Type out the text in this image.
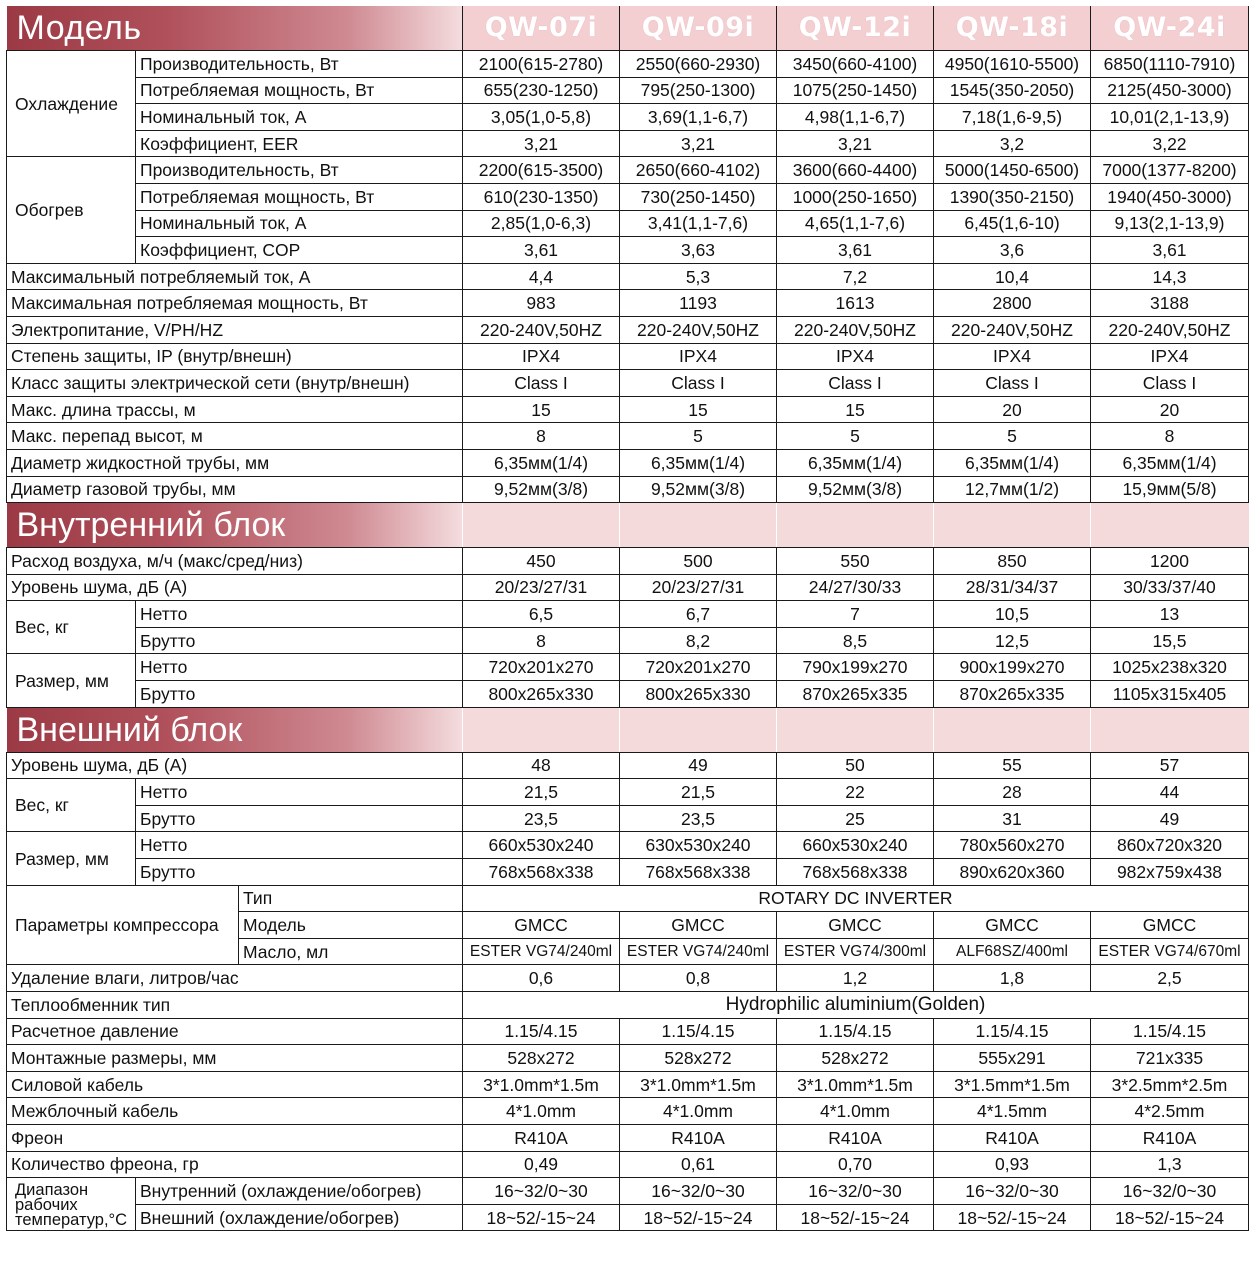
Модель			QW-07i	QW-09i	QW-12i	QW-18i	QW-24i
Охлаждение	Производительность, Вт		2100(615-2780)	2550(660-2930)	3450(660-4100)	4950(1610-5500)	6850(1110-7910)
	Потребляемая мощность, Вт		655(230-1250)	795(250-1300)	1075(250-1450)	1545(350-2050)	2125(450-3000)
	Номинальный ток, А		3,05(1,0-5,8)	3,69(1,1-6,7)	4,98(1,1-6,7)	7,18(1,6-9,5)	10,01(2,1-13,9)
	Коэффициент, EER		3,21	3,21	3,21	3,2	3,22
Обогрев	Производительность, Вт		2200(615-3500)	2650(660-4102)	3600(660-4400)	5000(1450-6500)	7000(1377-8200)
	Потребляемая мощность, Вт		610(230-1350)	730(250-1450)	1000(250-1650)	1390(350-2150)	1940(450-3000)
	Номинальный ток, А		2,85(1,0-6,3)	3,41(1,1-7,6)	4,65(1,1-7,6)	6,45(1,6-10)	9,13(2,1-13,9)
	Коэффициент, COP		3,61	3,63	3,61	3,6	3,61
Максимальный потребляемый ток, А			4,4	5,3	7,2	10,4	14,3
Максимальная потребляемая мощность, Вт			983	1193	1613	2800	3188
Электропитание, V/PH/HZ			220-240V,50HZ	220-240V,50HZ	220-240V,50HZ	220-240V,50HZ	220-240V,50HZ
Степень защиты, IP (внутр/внешн)			IPX4	IPX4	IPX4	IPX4	IPX4
Класс защиты электрической сети (внутр/внешн)			Class I	Class I	Class I	Class I	Class I
Макс. длина трассы, м			15	15	15	20	20
Макс. перепад высот, м			8	5	5	5	8
Диаметр жидкостной трубы, мм			6,35мм(1/4)	6,35мм(1/4)	6,35мм(1/4)	6,35мм(1/4)	6,35мм(1/4)
Диаметр газовой трубы, мм			9,52мм(3/8)	9,52мм(3/8)	9,52мм(3/8)	12,7мм(1/2)	15,9мм(5/8)
Внутренний блок							
Расход воздуха, м/ч (макс/сред/низ)			450	500	550	850	1200
Уровень шума, дБ (А)			20/23/27/31	20/23/27/31	24/27/30/33	28/31/34/37	30/33/37/40
Вес, кг	Нетто		6,5	6,7	7	10,5	13
	Брутто		8	8,2	8,5	12,5	15,5
Размер, мм	Нетто		720x201x270	720x201x270	790x199x270	900x199x270	1025x238x320
	Брутто		800x265x330	800x265x330	870x265x335	870x265x335	1105x315x405
Внешний блок							
Уровень шума, дБ (А)			48	49	50	55	57
Вес, кг	Нетто		21,5	21,5	22	28	44
	Брутто		23,5	23,5	25	31	49
Размер, мм	Нетто		660x530x240	630x530x240	660x530x240	780x560x270	860x720x320
	Брутто		768x568x338	768x568x338	768x568x338	890x620x360	982x759x438
Параметры компрессора		Тип	ROTARY DC INVERTER				
		Модель	GMCC	GMCC	GMCC	GMCC	GMCC
		Масло, мл	ESTER VG74/240ml	ESTER VG74/240ml	ESTER VG74/300ml	ALF68SZ/400ml	ESTER VG74/670ml
Удаление влаги, литров/час			0,6	0,8	1,2	1,8	2,5
Теплообменник тип			Hydrophilic aluminium(Golden)				
Расчетное давление			1.15/4.15	1.15/4.15	1.15/4.15	1.15/4.15	1.15/4.15
Монтажные размеры, мм			528x272	528x272	528x272	555x291	721x335
Силовой кабель			3*1.0mm*1.5m	3*1.0mm*1.5m	3*1.0mm*1.5m	3*1.5mm*1.5m	3*2.5mm*2.5m
Межблочный кабель			4*1.0mm	4*1.0mm	4*1.0mm	4*1.5mm	4*2.5mm
Фреон			R410A	R410A	R410A	R410A	R410A
Количество фреона, гр			0,49	0,61	0,70	0,93	1,3
Диапазон рабочих температур,°С	Внутренний (охлаждение/обогрев)		16~32/0~30	16~32/0~30	16~32/0~30	16~32/0~30	16~32/0~30
	Внешний (охлаждение/обогрев)		18~52/-15~24	18~52/-15~24	18~52/-15~24	18~52/-15~24	18~52/-15~24
